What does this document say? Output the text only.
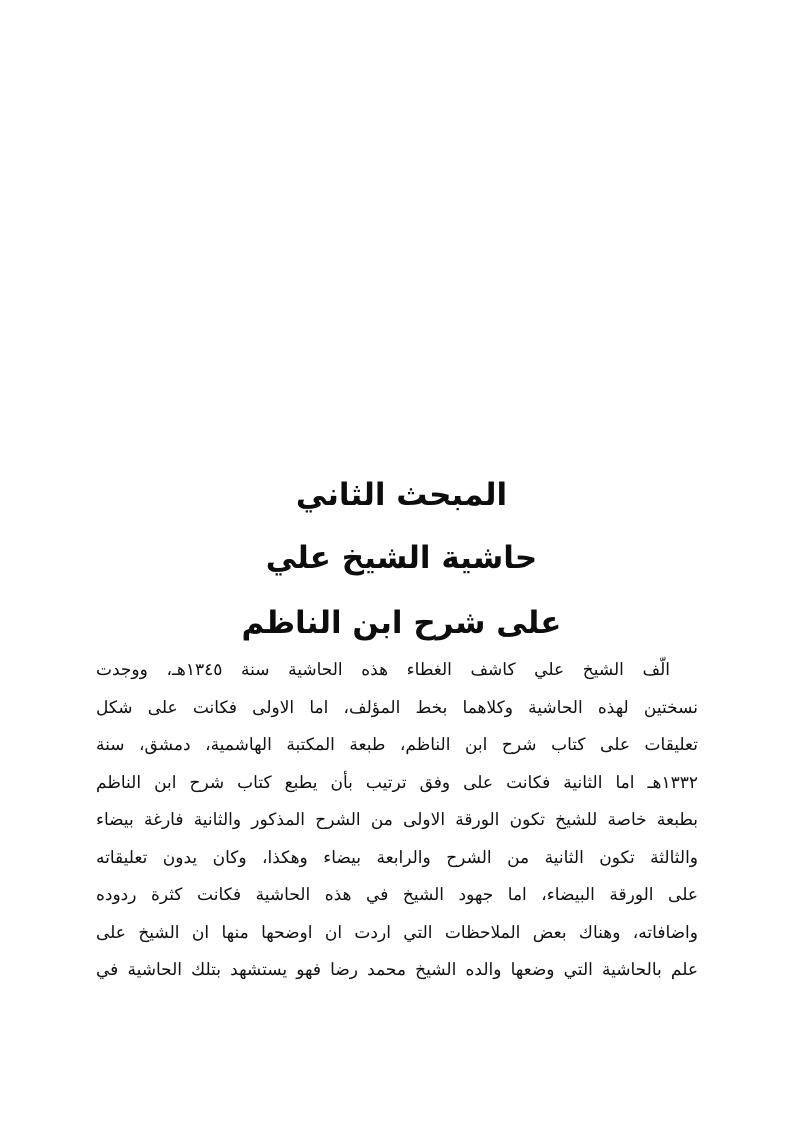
المبحث الثاني
حاشية الشيخ علي
على شرح ابن الناظم
الّف الشيخ علي كاشف الغطاء هذه الحاشية سنة ١٣٤٥هـ، ووجدت
نسختين لهذه الحاشية وكلاهما بخط المؤلف، اما الاولى فكانت على شكل
تعليقات على كتاب شرح ابن الناظم، طبعة المكتبة الهاشمية، دمشق، سنة
١٣٣٢هـ اما الثانية فكانت على وفق ترتيب بأن يطبع كتاب شرح ابن الناظم
بطبعة خاصة للشيخ تكون الورقة الاولى من الشرح المذكور والثانية فارغة بيضاء
والثالثة تكون الثانية من الشرح والرابعة بيضاء وهكذا، وكان يدون تعليقاته
على الورقة البيضاء، اما جهود الشيخ في هذه الحاشية فكانت كثرة ردوده
واضافاته، وهناك بعض الملاحظات التي اردت ان اوضحها منها ان الشيخ على
علم بالحاشية التي وضعها والده الشيخ محمد رضا فهو يستشهد بتلك الحاشية في
